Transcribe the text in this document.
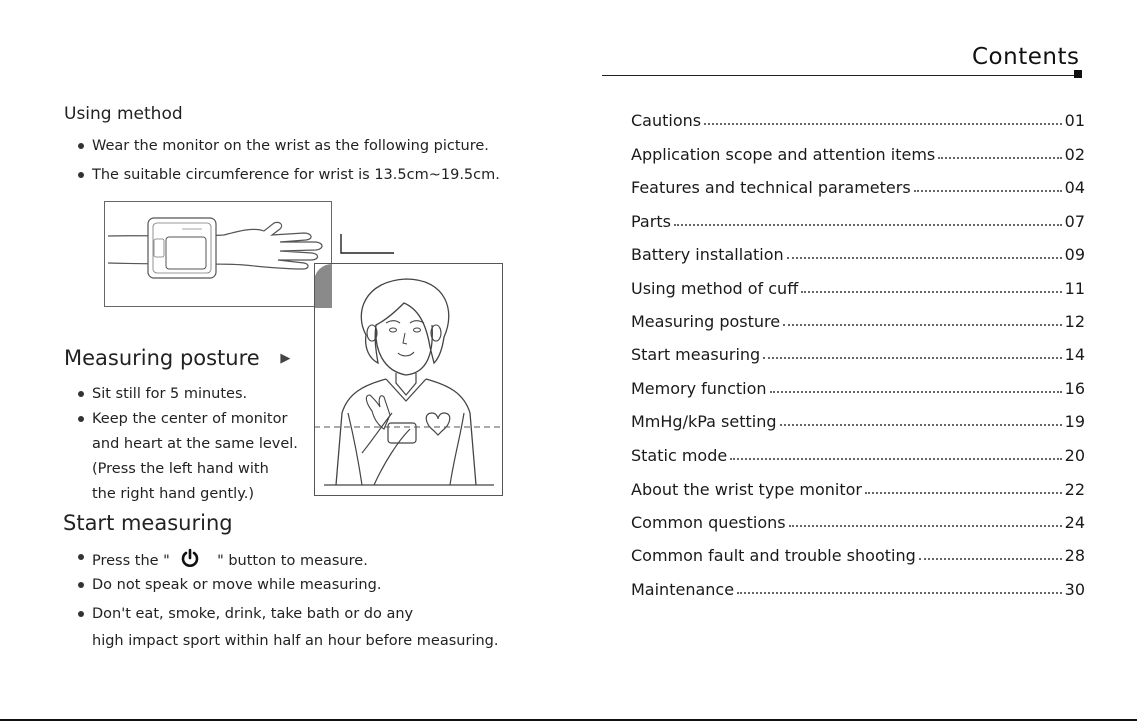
Using method
Wear the monitor on the wrist as the following picture.
The suitable circumference for wrist is 13.5cm~19.5cm.
Measuring posture ▶
Sit still for 5 minutes.
Keep the center of monitor
and heart at the same level.
(Press the left hand with
the right hand gently.)
Start measuring
Press the "	" button to measure.
Do not speak or move while measuring.
Don't eat, smoke, drink, take bath or do any
high impact sport within half an hour before measuring.
Contents
Cautions	01
Application scope and attention items	02
Features and technical parameters	04
Parts	07
Battery installation	09
Using method of cuff	11
Measuring posture	12
Start measuring	14
Memory function	16
MmHg/kPa setting	19
Static mode	20
About the wrist type monitor	22
Common questions	24
Common fault and trouble shooting	28
Maintenance	30
